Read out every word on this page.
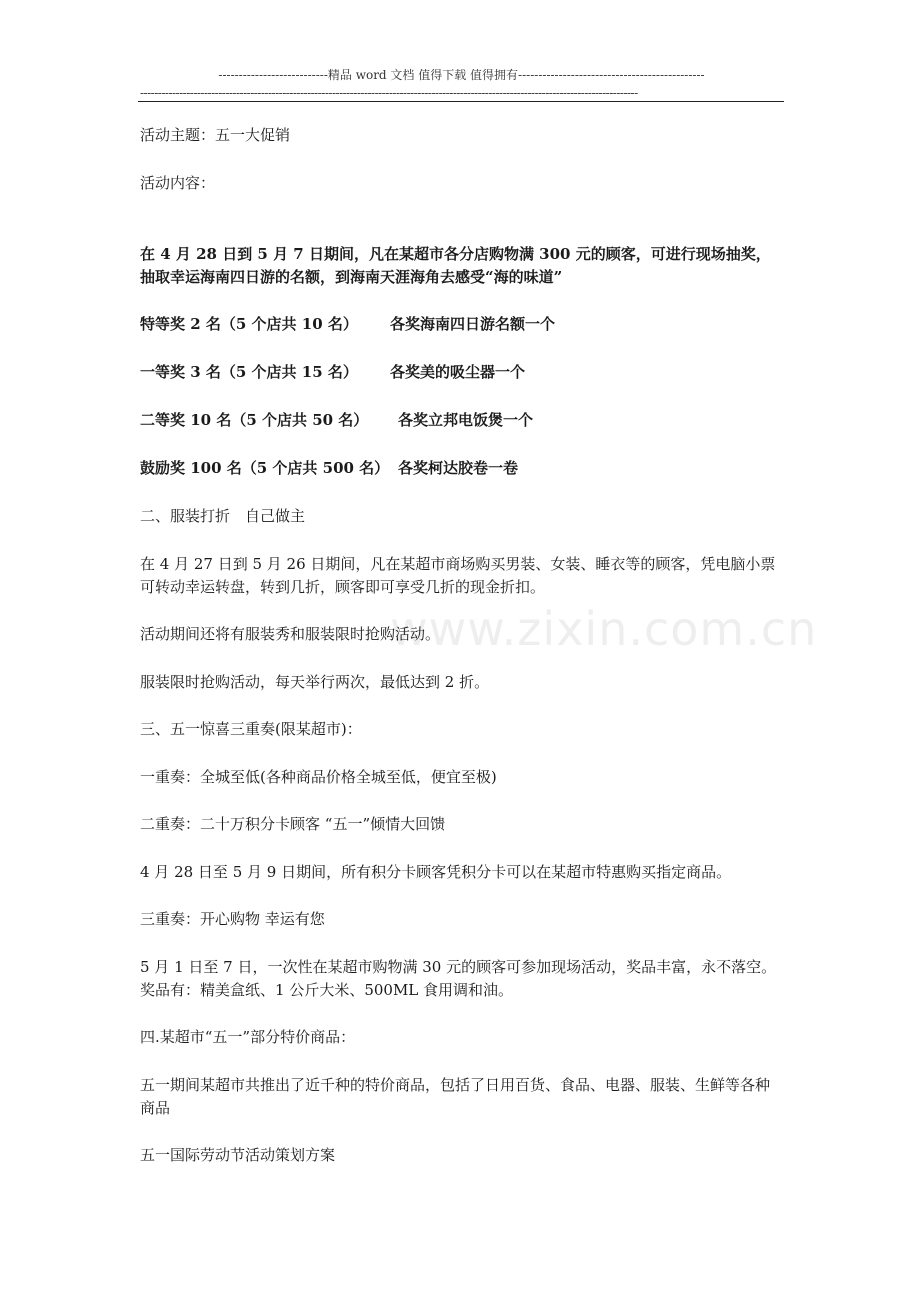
---------------------------精品 word 文档 值得下载 值得拥有----------------------------------------------
--------------------------------------------------------------------------------------------------------------------------------------------
www.zixin.com.cn

活动主题：五一大促销

活动内容：

在 4 月 28 日到 5 月 7 日期间，凡在某超市各分店购物满 300 元的顾客，可进行现场抽奖，抽取幸运海南四日游的名额，到海南天涯海角去感受“海的味道”

特等奖 2 名（5 个店共 10 名）	各奖海南四日游名额一个
一等奖 3 名（5 个店共 15 名）	各奖美的吸尘器一个
二等奖 10 名（5 个店共 50 名）	各奖立邦电饭煲一个
鼓励奖 100 名（5 个店共 500 名） 各奖柯达胶卷一卷

二、服装打折　自己做主

在 4 月 27 日到 5 月 26 日期间，凡在某超市商场购买男装、女装、睡衣等的顾客，凭电脑小票可转动幸运转盘，转到几折，顾客即可享受几折的现金折扣。

活动期间还将有服装秀和服装限时抢购活动。

服装限时抢购活动，每天举行两次，最低达到 2 折。

三、五一惊喜三重奏(限某超市)：

一重奏：全城至低(各种商品价格全城至低，便宜至极)

二重奏：二十万积分卡顾客 “五一”倾情大回馈

4 月 28 日至 5 月 9 日期间，所有积分卡顾客凭积分卡可以在某超市特惠购买指定商品。

三重奏：开心购物 幸运有您

5 月 1 日至 7 日，一次性在某超市购物满 30 元的顾客可参加现场活动，奖品丰富，永不落空。奖品有：精美盒纸、1 公斤大米、500ML 食用调和油。

四.某超市“五一”部分特价商品：

五一期间某超市共推出了近千种的特价商品，包括了日用百货、食品、电器、服装、生鲜等各种商品

五一国际劳动节活动策划方案
